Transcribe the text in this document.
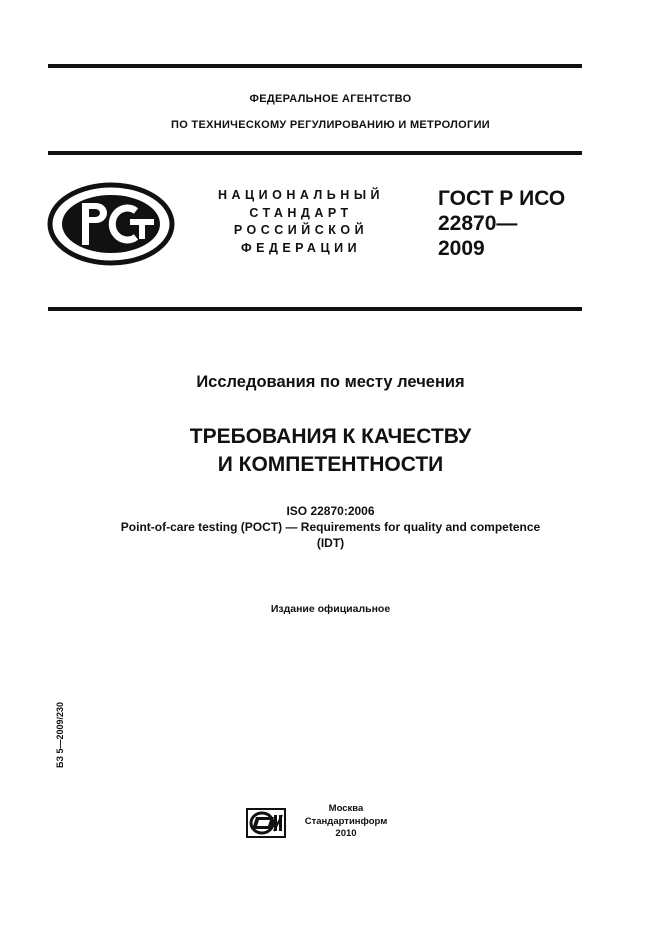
ФЕДЕРАЛЬНОЕ АГЕНТСТВО
ПО ТЕХНИЧЕСКОМУ РЕГУЛИРОВАНИЮ И МЕТРОЛОГИИ
НАЦИОНАЛЬНЫЙ
СТАНДАРТ
РОССИЙСКОЙ
ФЕДЕРАЦИИ
ГОСТ Р ИСО
22870—
2009
Исследования по месту лечения
ТРЕБОВАНИЯ К КАЧЕСТВУ
И КОМПЕТЕНТНОСТИ
ISO 22870:2006
Point-of-care testing (POCT) — Requirements for quality and competence
(IDT)
Издание официальное
БЗ 5—2009/230
Москва
Стандартинформ
2010
